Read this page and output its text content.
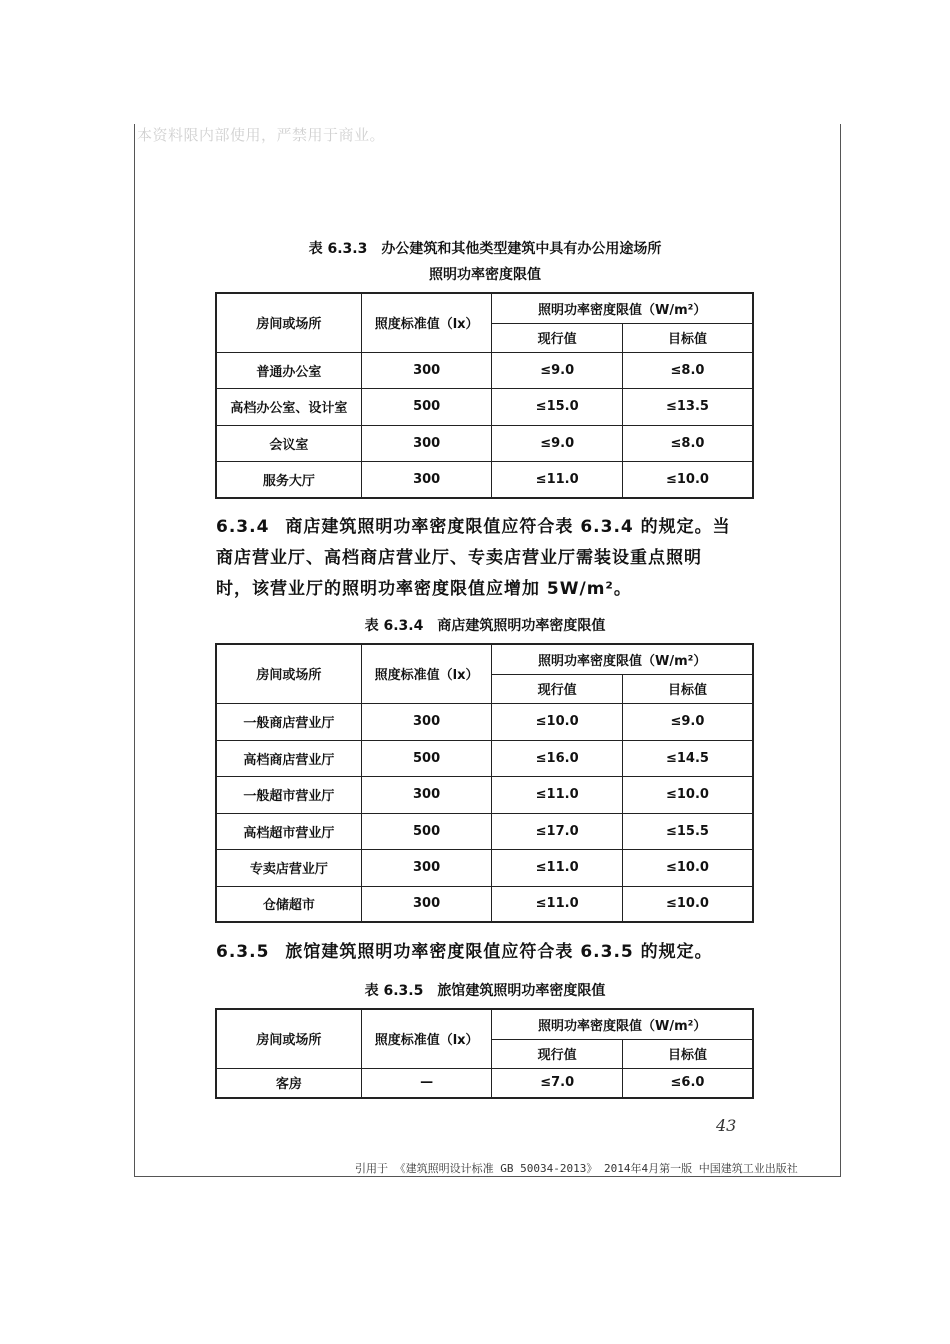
本资料限内部使用，严禁用于商业。
表 6.3.3 办公建筑和其他类型建筑中具有办公用途场所
照明功率密度限值
房间或场所	照度标准值（lx）	照明功率密度限值（W/m²）	
		现行值	目标值
普通办公室	300	≤9.0	≤8.0
高档办公室、设计室	500	≤15.0	≤13.5
会议室	300	≤9.0	≤8.0
服务大厅	300	≤11.0	≤10.0
6.3.4 商店建筑照明功率密度限值应符合表 6.3.4 的规定。当
商店营业厅、高档商店营业厅、专卖店营业厅需装设重点照明
时，该营业厅的照明功率密度限值应增加 5W/m²。
表 6.3.4 商店建筑照明功率密度限值
房间或场所	照度标准值（lx）	照明功率密度限值（W/m²）	
		现行值	目标值
一般商店营业厅	300	≤10.0	≤9.0
高档商店营业厅	500	≤16.0	≤14.5
一般超市营业厅	300	≤11.0	≤10.0
高档超市营业厅	500	≤17.0	≤15.5
专卖店营业厅	300	≤11.0	≤10.0
仓储超市	300	≤11.0	≤10.0
6.3.5 旅馆建筑照明功率密度限值应符合表 6.3.5 的规定。
表 6.3.5 旅馆建筑照明功率密度限值
房间或场所	照度标准值（lx）	照明功率密度限值（W/m²）	
		现行值	目标值
客房	—	≤7.0	≤6.0
43
引用于 《建筑照明设计标准 GB 50034-2013》 2014年4月第一版 中国建筑工业出版社
